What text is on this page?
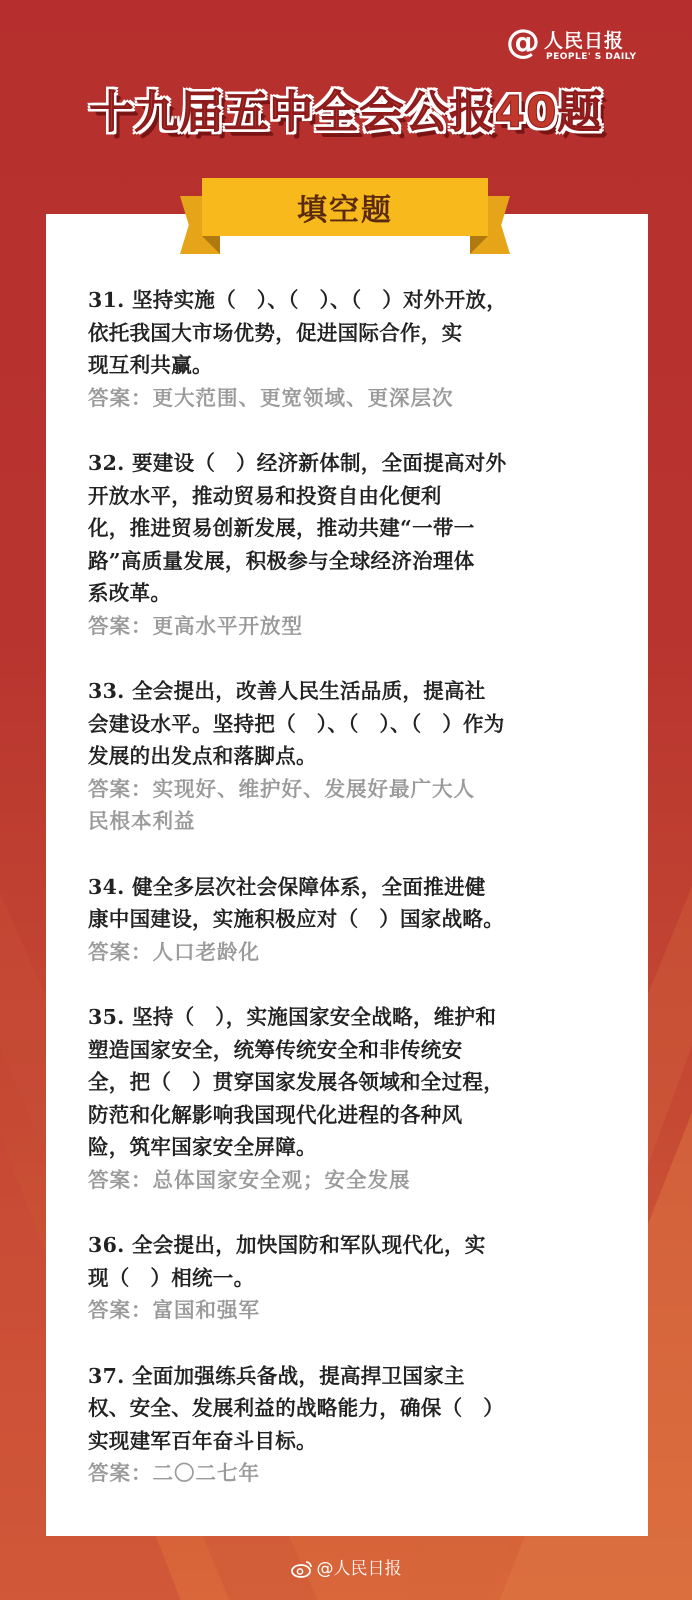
@ 人民日报
PEOPLE' S DAILY
十九届五中全会公报40题
填空题

31. 坚持实施（　）、（　）、（　）对外开放，

依托我国大市场优势，促进国际合作，实

现互利共赢。

答案：更大范围、更宽领域、更深层次

32. 要建设（　）经济新体制，全面提高对外

开放水平，推动贸易和投资自由化便利

化，推进贸易创新发展，推动共建“一带一

路”高质量发展，积极参与全球经济治理体

系改革。

答案：更高水平开放型

33. 全会提出，改善人民生活品质，提高社

会建设水平。坚持把（　）、（　）、（　）作为

发展的出发点和落脚点。

答案：实现好、维护好、发展好最广大人

民根本利益

34. 健全多层次社会保障体系，全面推进健

康中国建设，实施积极应对（　）国家战略。

答案：人口老龄化

35. 坚持（　），实施国家安全战略，维护和

塑造国家安全，统筹传统安全和非传统安

全，把（　）贯穿国家发展各领域和全过程，

防范和化解影响我国现代化进程的各种风

险，筑牢国家安全屏障。

答案：总体国家安全观；安全发展

36. 全会提出，加快国防和军队现代化，实

现（　）相统一。

答案：富国和强军

37. 全面加强练兵备战，提高捍卫国家主

权、安全、发展利益的战略能力，确保（　）

实现建军百年奋斗目标。

答案：二〇二七年

@人民日报
